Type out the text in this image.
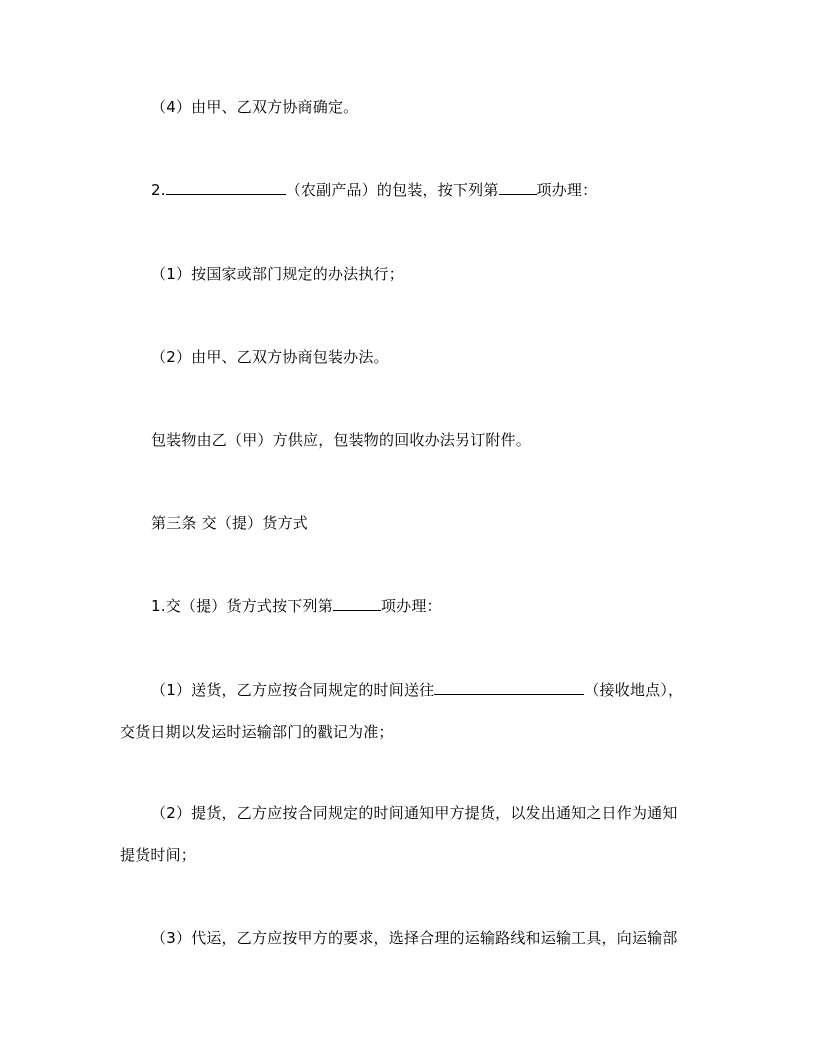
（4）由甲、乙双方协商确定。
2.	（农副产品）的包装，按下列第	项办理：
（1）按国家或部门规定的办法执行；
（2）由甲、乙双方协商包装办法。
包装物由乙（甲）方供应，包装物的回收办法另订附件。
第三条 交（提）货方式
1.交（提）货方式按下列第	项办理：
（1）送货，乙方应按合同规定的时间送往	（接收地点），
交货日期以发运时运输部门的戳记为准；
（2）提货，乙方应按合同规定的时间通知甲方提货，以发出通知之日作为通知
提货时间；
（3）代运，乙方应按甲方的要求，选择合理的运输路线和运输工具，向运输部
